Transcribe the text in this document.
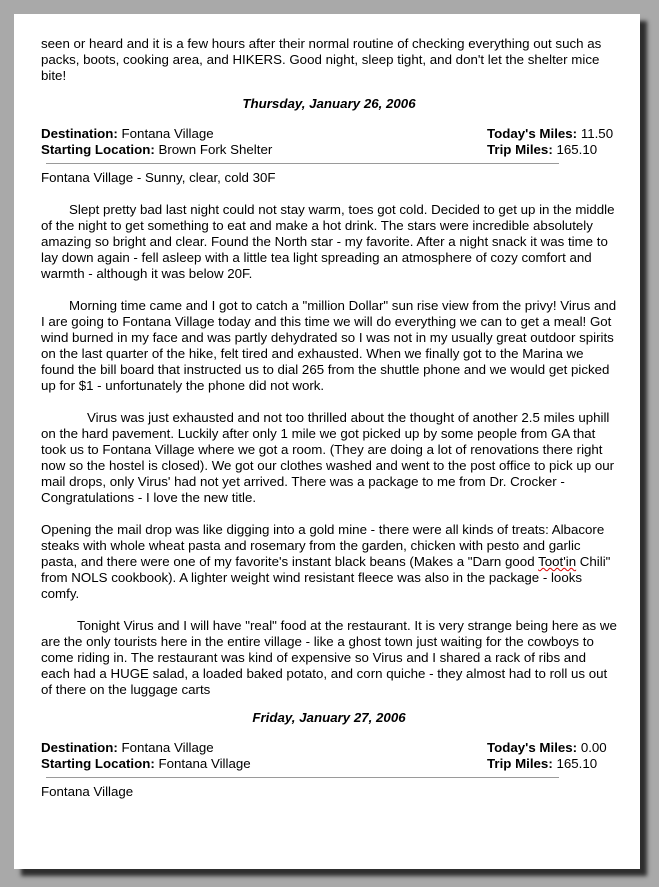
seen or heard and it is a few hours after their normal routine of checking everything out such as packs, boots, cooking area, and HIKERS. Good night, sleep tight, and don't let the shelter mice bite!

Thursday, January 26, 2006
Destination: Fontana Village	Today's Miles: 11.50
Starting Location: Brown Fork Shelter	Trip Miles: 165.10

Fontana Village - Sunny, clear, cold 30F

Slept pretty bad last night could not stay warm, toes got cold. Decided to get up in the middle of the night to get something to eat and make a hot drink. The stars were incredible absolutely amazing so bright and clear. Found the North star - my favorite. After a night snack it was time to lay down again - fell asleep with a little tea light spreading an atmosphere of cozy comfort and warmth - although it was below 20F.

Morning time came and I got to catch a "million Dollar" sun rise view from the privy! Virus and I are going to Fontana Village today and this time we will do everything we can to get a meal! Got wind burned in my face and was partly dehydrated so I was not in my usually great outdoor spirits on the last quarter of the hike, felt tired and exhausted. When we finally got to the Marina we found the bill board that instructed us to dial 265 from the shuttle phone and we would get picked up for $1 - unfortunately the phone did not work.

Virus was just exhausted and not too thrilled about the thought of another 2.5 miles uphill on the hard pavement. Luckily after only 1 mile we got picked up by some people from GA that took us to Fontana Village where we got a room. (They are doing a lot of renovations there right now so the hostel is closed). We got our clothes washed and went to the post office to pick up our mail drops, only Virus' had not yet arrived. There was a package to me from Dr. Crocker - Congratulations - I love the new title.

Opening the mail drop was like digging into a gold mine - there were all kinds of treats: Albacore steaks with whole wheat pasta and rosemary from the garden, chicken with pesto and garlic pasta, and there were one of my favorite's instant black beans (Makes a "Darn good Toot'in Chili" from NOLS cookbook). A lighter weight wind resistant fleece was also in the package - looks comfy.

Tonight Virus and I will have "real" food at the restaurant. It is very strange being here as we are the only tourists here in the entire village - like a ghost town just waiting for the cowboys to come riding in. The restaurant was kind of expensive so Virus and I shared a rack of ribs and each had a HUGE salad, a loaded baked potato, and corn quiche - they almost had to roll us out of there on the luggage carts

Friday, January 27, 2006
Destination: Fontana Village	Today's Miles: 0.00
Starting Location: Fontana Village	Trip Miles: 165.10

Fontana Village
